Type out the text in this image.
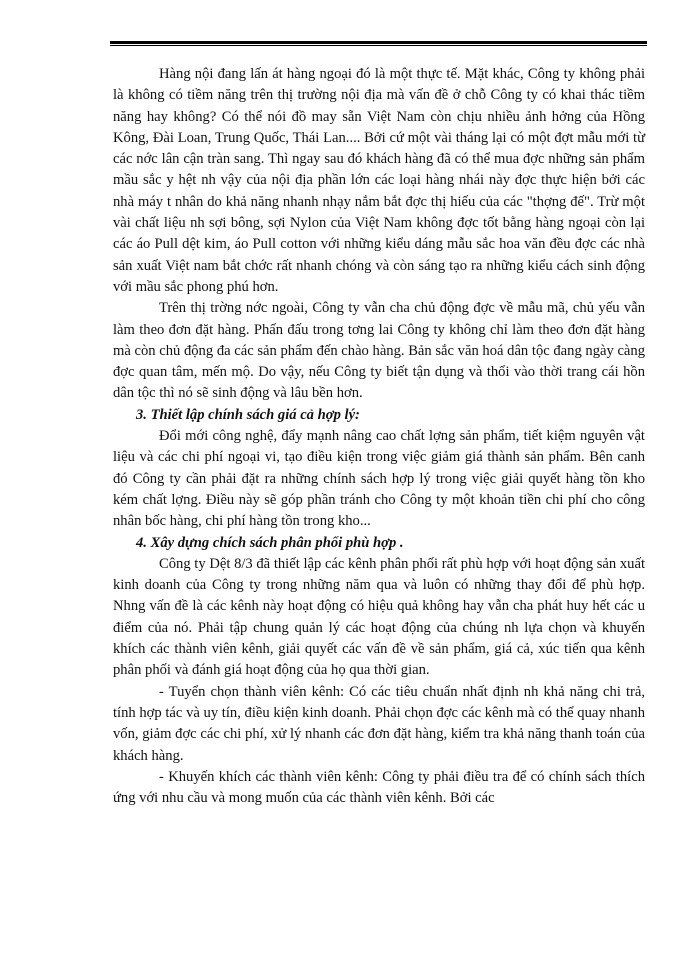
Hàng nội đang lấn át hàng ngoại đó là một thực tế. Mặt khác, Công ty không phải là không có tiềm năng trên thị trường nội địa mà vấn đề ở chỗ Công ty có khai thác tiềm năng hay không? Có thể nói đồ may sẵn Việt Nam còn chịu nhiều ảnh hởng của Hồng Kông, Đài Loan, Trung Quốc, Thái Lan.... Bởi cứ một vài tháng lại có một đợt mẫu mới từ các nớc lân cận tràn sang. Thì ngay sau đó khách hàng đã có thể mua đợc những sản phẩm mầu sắc y hệt nh vậy của nội địa phần lớn các loại hàng nhái này đợc thực hiện bởi các nhà máy t nhân do khả năng nhanh nhạy nắm bắt đợc thị hiếu của các "thợng đế". Trừ một vài chất liệu nh sợi bông, sợi Nylon của Việt Nam không đợc tốt bằng hàng ngoại còn lại các áo Pull dệt kim, áo Pull cotton với những kiểu dáng mẫu sắc hoa văn đều đợc các nhà sản xuất Việt nam bắt chớc rất nhanh chóng và còn sáng tạo ra những kiểu cách sinh động với mầu sắc phong phú hơn.

Trên thị trờng nớc ngoài, Công ty vẫn cha chủ động đợc về mẫu mã, chủ yếu vẫn làm theo đơn đặt hàng. Phấn đấu trong tơng lai Công ty không chỉ làm theo đơn đặt hàng mà còn chủ động đa các sản phẩm đến chào hàng. Bản sắc văn hoá dân tộc đang ngày càng đợc quan tâm, mến mộ. Do vậy, nếu Công ty biết tận dụng và thổi vào thời trang cái hồn dân tộc thì nó sẽ sinh động và lâu bền hơn.

3. Thiết lập chính sách giá cả hợp lý:

Đổi mới công nghệ, đẩy mạnh nâng cao chất lợng sản phẩm, tiết kiệm nguyên vật liệu và các chi phí ngoại vi, tạo điều kiện trong việc giảm giá thành sản phẩm. Bên canh đó Công ty cần phải đặt ra những chính sách hợp lý trong việc giải quyết hàng tồn kho kém chất lợng. Điều này sẽ góp phần tránh cho Công ty một khoản tiền chi phí cho công nhân bốc hàng, chi phí hàng tồn trong kho...

4. Xây dựng chích sách phân phối phù hợp .

Công ty Dệt 8/3 đã thiết lập các kênh phân phối rất phù hợp với hoạt động sản xuất kinh doanh của Công ty trong những năm qua và luôn có những thay đổi để phù hợp. Nhng vấn đề là các kênh này hoạt động có hiệu quả không hay vẫn cha phát huy hết các u điểm của nó. Phải tập chung quản lý các hoạt động của chúng nh lựa chọn và khuyến khích các thành viên kênh, giải quyết các vấn đề về sản phẩm, giá cả, xúc tiến qua kênh phân phối và đánh giá hoạt động của họ qua thời gian.

- Tuyển chọn thành viên kênh: Có các tiêu chuẩn nhất định nh khả năng chi trả, tính hợp tác và uy tín, điều kiện kinh doanh. Phải chọn đợc các kênh mà có thể quay nhanh vốn, giảm đợc các chi phí, xử lý nhanh các đơn đặt hàng, kiểm tra khả năng thanh toán của khách hàng.

- Khuyến khích các thành viên kênh: Công ty phải điều tra để có chính sách thích ứng với nhu cầu và mong muốn của các thành viên kênh. Bởi các
